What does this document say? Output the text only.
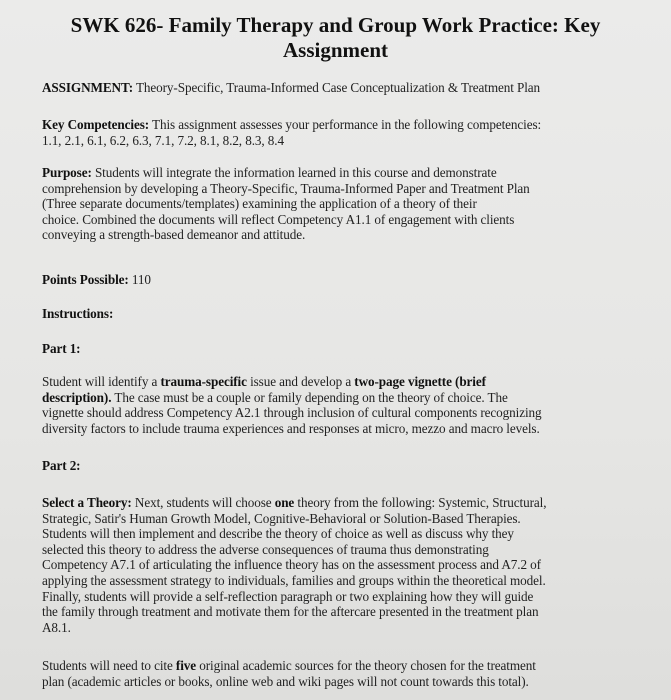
SWK 626- Family Therapy and Group Work Practice: Key
Assignment
ASSIGNMENT: Theory-Specific, Trauma-Informed Case Conceptualization & Treatment Plan
Key Competencies: This assignment assesses your performance in the following competencies:
1.1, 2.1, 6.1, 6.2, 6.3, 7.1, 7.2, 8.1, 8.2, 8.3, 8.4
Purpose: Students will integrate the information learned in this course and demonstrate
comprehension by developing a Theory-Specific, Trauma-Informed Paper and Treatment Plan
(Three separate documents/templates) examining the application of a theory of their
choice. Combined the documents will reflect Competency A1.1 of engagement with clients
conveying a strength-based demeanor and attitude.
Points Possible: 110
Instructions:
Part 1:
Student will identify a trauma-specific issue and develop a two-page vignette (brief
description). The case must be a couple or family depending on the theory of choice. The
vignette should address Competency A2.1 through inclusion of cultural components recognizing
diversity factors to include trauma experiences and responses at micro, mezzo and macro levels.
Part 2:
Select a Theory: Next, students will choose one theory from the following: Systemic, Structural,
Strategic, Satir's Human Growth Model, Cognitive-Behavioral or Solution-Based Therapies.
Students will then implement and describe the theory of choice as well as discuss why they
selected this theory to address the adverse consequences of trauma thus demonstrating
Competency A7.1 of articulating the influence theory has on the assessment process and A7.2 of
applying the assessment strategy to individuals, families and groups within the theoretical model.
Finally, students will provide a self-reflection paragraph or two explaining how they will guide
the family through treatment and motivate them for the aftercare presented in the treatment plan
A8.1.
Students will need to cite five original academic sources for the theory chosen for the treatment
plan (academic articles or books, online web and wiki pages will not count towards this total).
